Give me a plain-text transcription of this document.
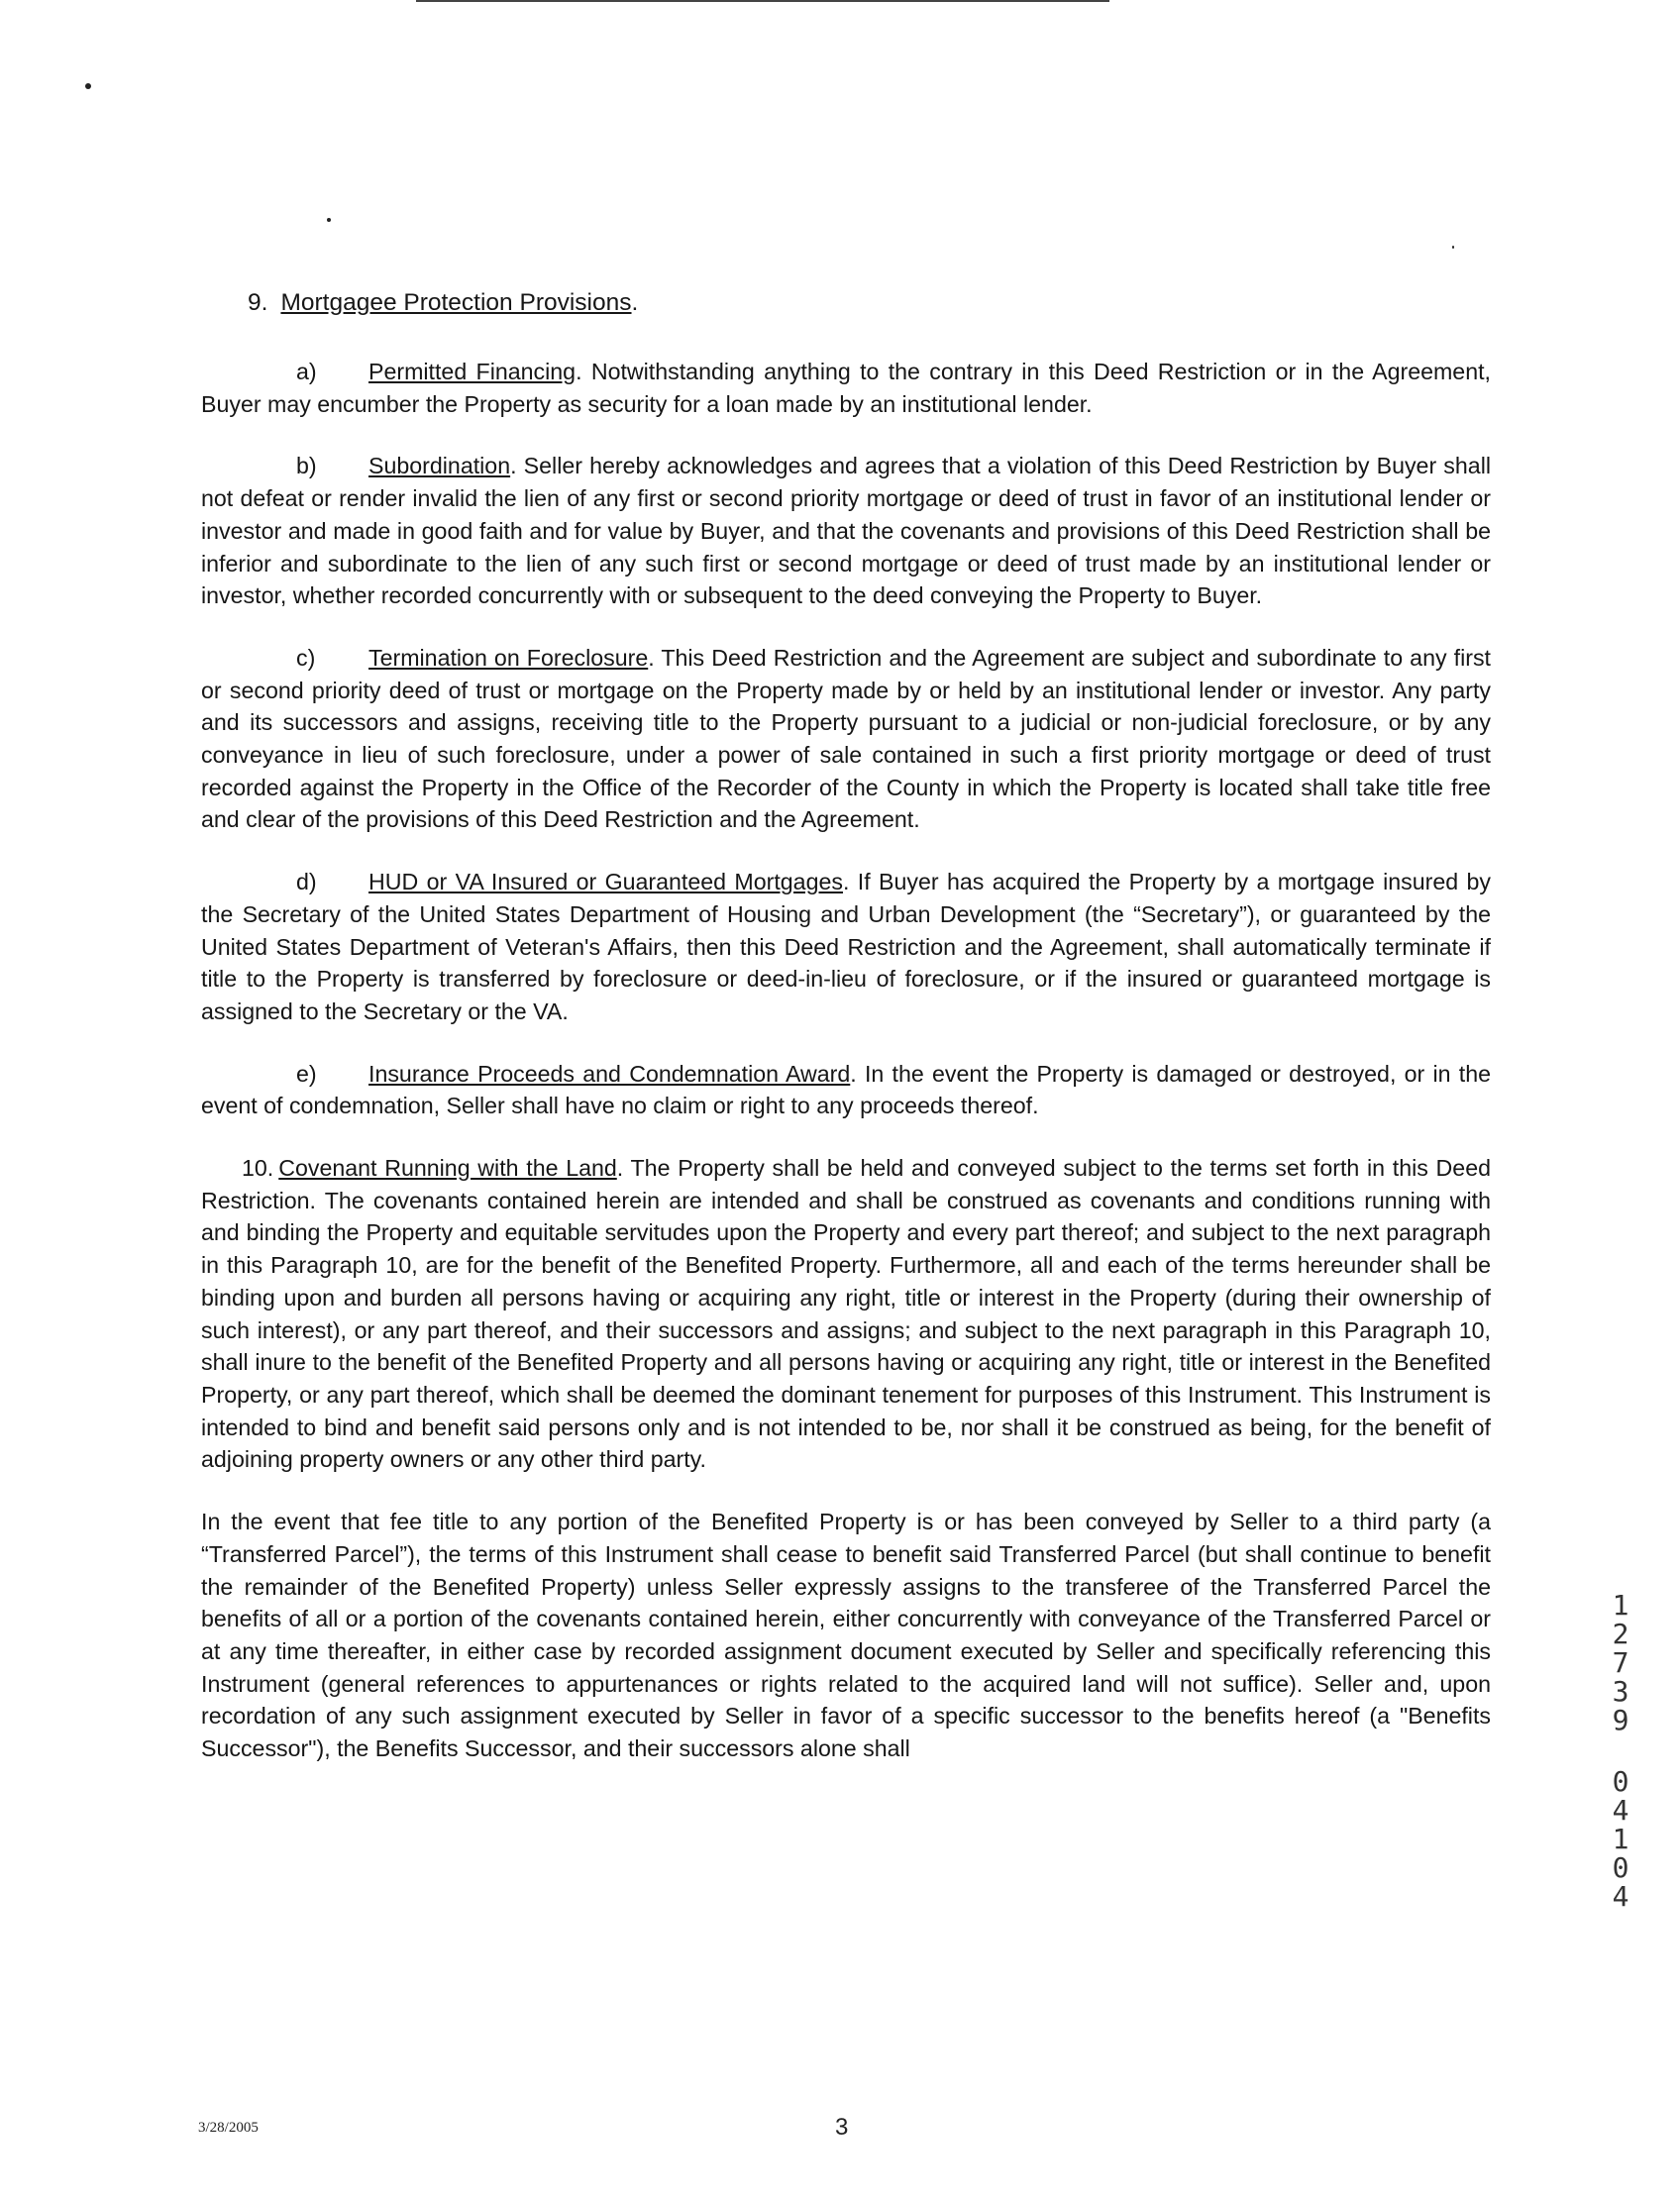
9. Mortgagee Protection Provisions.

a) Permitted Financing. Notwithstanding anything to the contrary in this Deed Restriction or in the Agreement, Buyer may encumber the Property as security for a loan made by an institutional lender.

b) Subordination. Seller hereby acknowledges and agrees that a violation of this Deed Restriction by Buyer shall not defeat or render invalid the lien of any first or second priority mortgage or deed of trust in favor of an institutional lender or investor and made in good faith and for value by Buyer, and that the covenants and provisions of this Deed Restriction shall be inferior and subordinate to the lien of any such first or second mortgage or deed of trust made by an institutional lender or investor, whether recorded concurrently with or subsequent to the deed conveying the Property to Buyer.

c) Termination on Foreclosure. This Deed Restriction and the Agreement are subject and subordinate to any first or second priority deed of trust or mortgage on the Property made by or held by an institutional lender or investor. Any party and its successors and assigns, receiving title to the Property pursuant to a judicial or non-judicial foreclosure, or by any conveyance in lieu of such foreclosure, under a power of sale contained in such a first priority mortgage or deed of trust recorded against the Property in the Office of the Recorder of the County in which the Property is located shall take title free and clear of the provisions of this Deed Restriction and the Agreement.

d) HUD or VA Insured or Guaranteed Mortgages. If Buyer has acquired the Property by a mortgage insured by the Secretary of the United States Department of Housing and Urban Development (the “Secretary”), or guaranteed by the United States Department of Veteran's Affairs, then this Deed Restriction and the Agreement, shall automatically terminate if title to the Property is transferred by foreclosure or deed-in-lieu of foreclosure, or if the insured or guaranteed mortgage is assigned to the Secretary or the VA.

e) Insurance Proceeds and Condemnation Award. In the event the Property is damaged or destroyed, or in the event of condemnation, Seller shall have no claim or right to any proceeds thereof.

10. Covenant Running with the Land. The Property shall be held and conveyed subject to the terms set forth in this Deed Restriction. The covenants contained herein are intended and shall be construed as covenants and conditions running with and binding the Property and equitable servitudes upon the Property and every part thereof; and subject to the next paragraph in this Paragraph 10, are for the benefit of the Benefited Property. Furthermore, all and each of the terms hereunder shall be binding upon and burden all persons having or acquiring any right, title or interest in the Property (during their ownership of such interest), or any part thereof, and their successors and assigns; and subject to the next paragraph in this Paragraph 10, shall inure to the benefit of the Benefited Property and all persons having or acquiring any right, title or interest in the Benefited Property, or any part thereof, which shall be deemed the dominant tenement for purposes of this Instrument. This Instrument is intended to bind and benefit said persons only and is not intended to be, nor shall it be construed as being, for the benefit of adjoining property owners or any other third party.

In the event that fee title to any portion of the Benefited Property is or has been conveyed by Seller to a third party (a “Transferred Parcel”), the terms of this Instrument shall cease to benefit said Transferred Parcel (but shall continue to benefit the remainder of the Benefited Property) unless Seller expressly assigns to the transferee of the Transferred Parcel the benefits of all or a portion of the covenants contained herein, either concurrently with conveyance of the Transferred Parcel or at any time thereafter, in either case by recorded assignment document executed by Seller and specifically referencing this Instrument (general references to appurtenances or rights related to the acquired land will not suffice). Seller and, upon recordation of any such assignment executed by Seller in favor of a specific successor to the benefits hereof (a "Benefits Successor"), the Benefits Successor, and their successors alone shall

1
2
7
3
9
0
4
1
0
4
3/28/2005	3
